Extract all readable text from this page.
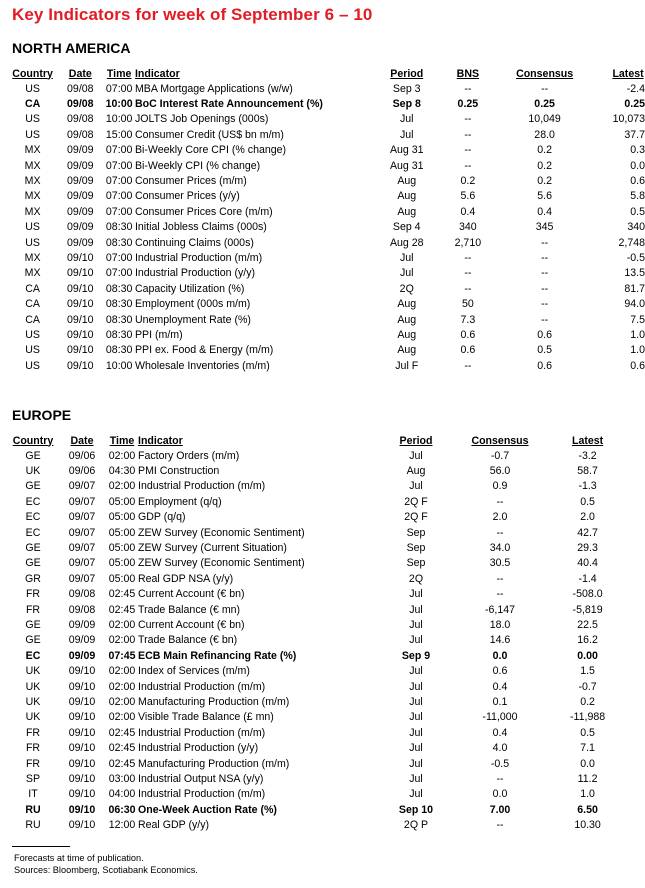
Key Indicators for week of September 6 – 10
NORTH AMERICA
Country	Date	Time	Indicator	Period	BNS	Consensus		Latest
US	09/08	07:00	MBA Mortgage Applications (w/w)	Sep 3	--	--		-2.4
CA	09/08	10:00	BoC Interest Rate Announcement (%)	Sep 8	0.25	0.25		0.25
US	09/08	10:00	JOLTS Job Openings (000s)	Jul	--	10,049		10,073
US	09/08	15:00	Consumer Credit (US$ bn m/m)	Jul	--	28.0		37.7
MX	09/09	07:00	Bi-Weekly Core CPI (% change)	Aug 31	--	0.2		0.3
MX	09/09	07:00	Bi-Weekly CPI (% change)	Aug 31	--	0.2		0.0
MX	09/09	07:00	Consumer Prices (m/m)	Aug	0.2	0.2		0.6
MX	09/09	07:00	Consumer Prices (y/y)	Aug	5.6	5.6		5.8
MX	09/09	07:00	Consumer Prices Core (m/m)	Aug	0.4	0.4		0.5
US	09/09	08:30	Initial Jobless Claims (000s)	Sep 4	340	345		340
US	09/09	08:30	Continuing Claims (000s)	Aug 28	2,710	--		2,748
MX	09/10	07:00	Industrial Production (m/m)	Jul	--	--		-0.5
MX	09/10	07:00	Industrial Production (y/y)	Jul	--	--		13.5
CA	09/10	08:30	Capacity Utilization (%)	2Q	--	--		81.7
CA	09/10	08:30	Employment (000s m/m)	Aug	50	--		94.0
CA	09/10	08:30	Unemployment Rate (%)	Aug	7.3	--		7.5
US	09/10	08:30	PPI (m/m)	Aug	0.6	0.6		1.0
US	09/10	08:30	PPI ex. Food & Energy (m/m)	Aug	0.6	0.5		1.0
US	09/10	10:00	Wholesale Inventories (m/m)	Jul F	--	0.6		0.6
EUROPE
Country	Date	Time	Indicator	Period	Consensus		Latest
GE	09/06	02:00	Factory Orders (m/m)	Jul	-0.7		-3.2
UK	09/06	04:30	PMI Construction	Aug	56.0		58.7
GE	09/07	02:00	Industrial Production (m/m)	Jul	0.9		-1.3
EC	09/07	05:00	Employment (q/q)	2Q F	--		0.5
EC	09/07	05:00	GDP (q/q)	2Q F	2.0		2.0
EC	09/07	05:00	ZEW Survey (Economic Sentiment)	Sep	--		42.7
GE	09/07	05:00	ZEW Survey (Current Situation)	Sep	34.0		29.3
GE	09/07	05:00	ZEW Survey (Economic Sentiment)	Sep	30.5		40.4
GR	09/07	05:00	Real GDP NSA (y/y)	2Q	--		-1.4
FR	09/08	02:45	Current Account (€ bn)	Jul	--		-508.0
FR	09/08	02:45	Trade Balance (€ mn)	Jul	-6,147		-5,819
GE	09/09	02:00	Current Account (€ bn)	Jul	18.0		22.5
GE	09/09	02:00	Trade Balance (€ bn)	Jul	14.6		16.2
EC	09/09	07:45	ECB Main Refinancing Rate (%)	Sep 9	0.0		0.00
UK	09/10	02:00	Index of Services (m/m)	Jul	0.6		1.5
UK	09/10	02:00	Industrial Production (m/m)	Jul	0.4		-0.7
UK	09/10	02:00	Manufacturing Production (m/m)	Jul	0.1		0.2
UK	09/10	02:00	Visible Trade Balance (£ mn)	Jul	-11,000		-11,988
FR	09/10	02:45	Industrial Production (m/m)	Jul	0.4		0.5
FR	09/10	02:45	Industrial Production (y/y)	Jul	4.0		7.1
FR	09/10	02:45	Manufacturing Production (m/m)	Jul	-0.5		0.0
SP	09/10	03:00	Industrial Output NSA (y/y)	Jul	--		11.2
IT	09/10	04:00	Industrial Production (m/m)	Jul	0.0		1.0
RU	09/10	06:30	One-Week Auction Rate (%)	Sep 10	7.00		6.50
RU	09/10	12:00	Real GDP (y/y)	2Q P	--		10.30
Forecasts at time of publication.
Sources: Bloomberg, Scotiabank Economics.
